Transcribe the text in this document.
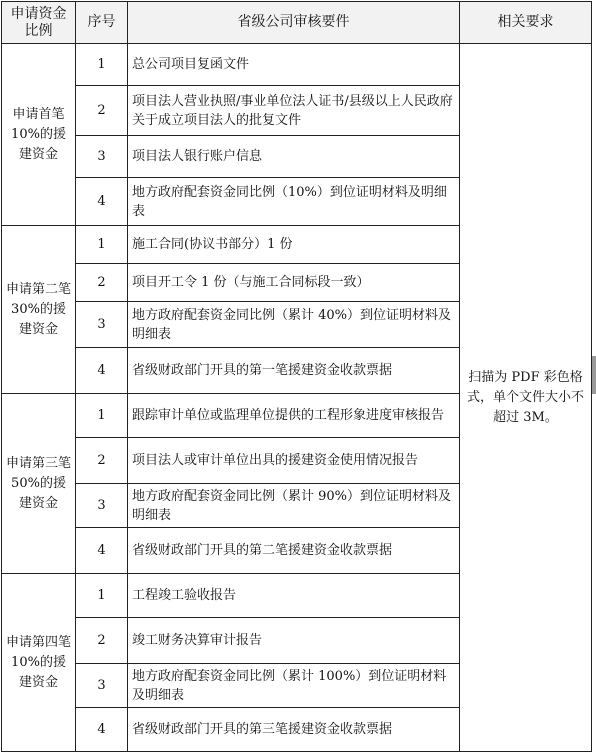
申请资金比例	序号	省级公司审核要件	相关要求
申请首笔10%的援建资金	1	总公司项目复函文件	扫描为 PDF 彩色格式，单个文件大小不超过 3M。
	2	项目法人营业执照/事业单位法人证书/县级以上人民政府关于成立项目法人的批复文件	
	3	项目法人银行账户信息	
	4	地方政府配套资金同比例（10%）到位证明材料及明细表	
申请第二笔 30%的援建资金	1	施工合同(协议书部分）1 份	
	2	项目开工令 1 份（与施工合同标段一致）	
	3	地方政府配套资金同比例（累计 40%）到位证明材料及明细表	
	4	省级财政部门开具的第一笔援建资金收款票据	
申请第三笔 50%的援建资金	1	跟踪审计单位或监理单位提供的工程形象进度审核报告	
	2	项目法人或审计单位出具的援建资金使用情况报告	
	3	地方政府配套资金同比例（累计 90%）到位证明材料及明细表	
	4	省级财政部门开具的第二笔援建资金收款票据	
申请第四笔 10%的援建资金	1	工程竣工验收报告	
	2	竣工财务决算审计报告	
	3	地方政府配套资金同比例（累计 100%）到位证明材料及明细表	
	4	省级财政部门开具的第三笔援建资金收款票据	
